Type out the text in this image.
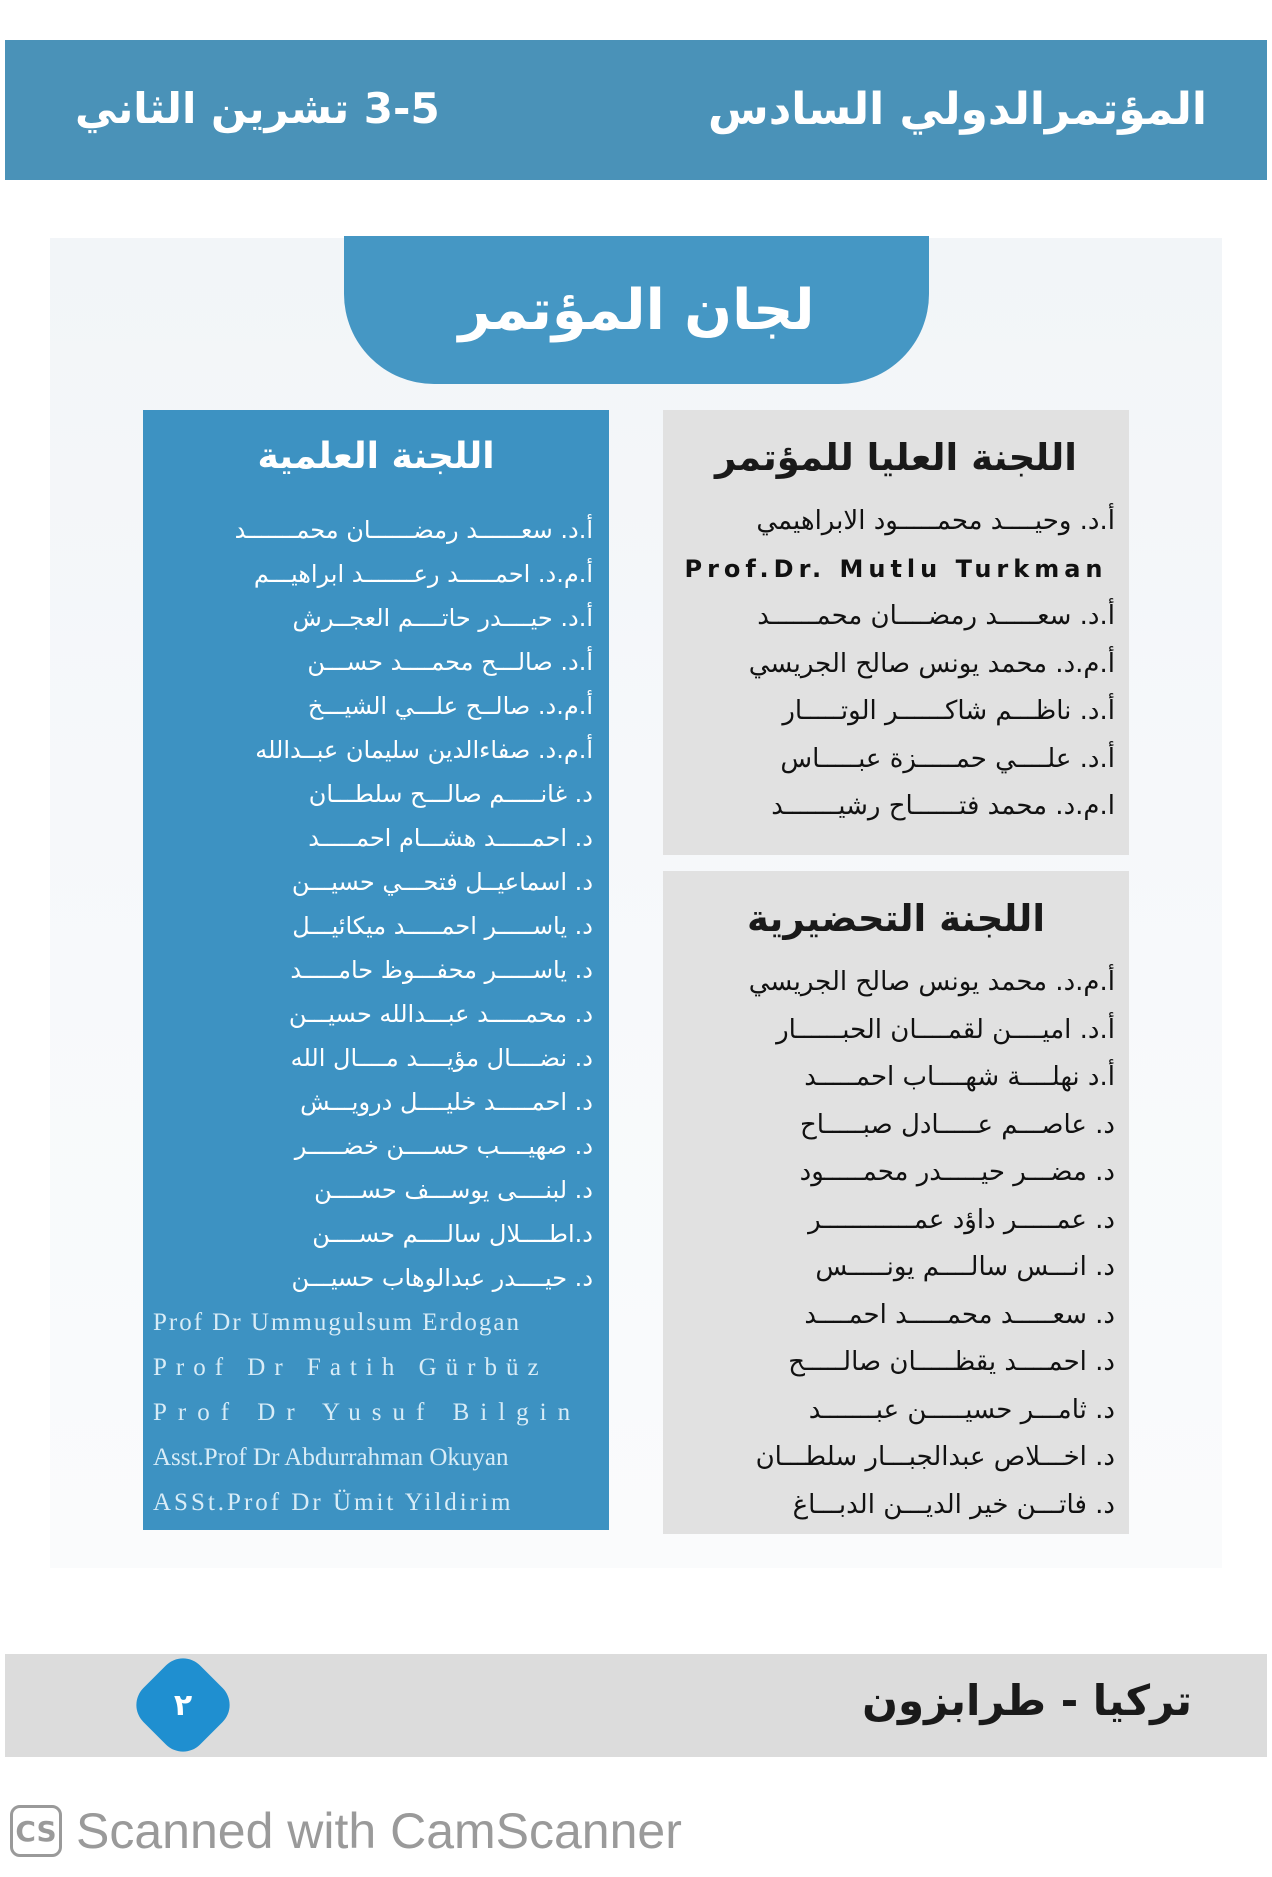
المؤتمرالدولي السادس
3-5 تشرين الثاني
لجان المؤتمر
اللجنة العلمية
أ.د. سعــــــد رمضــــــان محمـــــــد
أ.م.د. احمـــــد رعـــــــد ابراهيـــم
أ.د. حيــــدر حاتــــم العجــرش
أ.د. صالـــح محمــــد حســـن
أ.م.د. صالــح علـــي الشيـــخ
أ.م.د. صفاءالدين سليمان عبــدالله
د. غانـــــم صالـــح سلطـــان
د. احمـــــد هشـــام احمـــــد
د. اسماعيــل فتحـــي حسيـــن
د. ياســـــر احمـــــد ميكائيـــل
د. ياســـــر محفـــوظ حامـــــد
د. محمـــــد عبـــدالله حسيـــن
د. نضــــال مؤيــــد مــــال الله
د. احمـــــد خليــــل درويـــش
د. صهيــــب حســــن خضـــــر
د. لبنــــى يوســـف حســــن
د.اطــــلال سالــــم حســــن
د. حيــــدر عبدالوهاب حسيـــن
Prof Dr Ummugulsum Erdogan
Prof Dr Fatih Gürbüz
Prof Dr Yusuf Bilgin
Asst.Prof Dr Abdurrahman Okuyan
ASSt.Prof Dr Ümit Yildirim
اللجنة العليا للمؤتمر
أ.د. وحيــــد محمـــــود الابراهيمي
Prof.Dr. Mutlu Turkman
أ.د. سعـــــد رمضــــان محمــــــد
أ.م.د. محمد يونس صالح الجريسي
أ.د. ناظـــم شاكــــــر الوتـــــار
أ.د. علــــي حمـــــزة عبـــــاس
ا.م.د. محمد فتــــــاح رشيـــــــد
اللجنة التحضيرية
أ.م.د. محمد يونس صالح الجريسي
أ.د. اميــــن لقمــــان الحبــــــار
أ.د نهلــــة شهــــاب احمـــــد
د. عاصـــم عـــــادل صبـــــاح
د. مضـــر حيـــــدر محمـــــود
د. عمـــــر داؤد عمــــــــــــر
د. انـــس سالــــم يونـــــس
د. سعـــــد محمـــــد احمــــد
د. احمــــد يقظـــــان صالـــــح
د. ثامـــر حسيـــــن عبـــــــد
د. اخـــلاص عبدالجبـــار سلطـــان
د. فاتـــن خير الديـــن الدبـــاغ
تركيا - طرابزون
٢
CS Scanned with CamScanner
